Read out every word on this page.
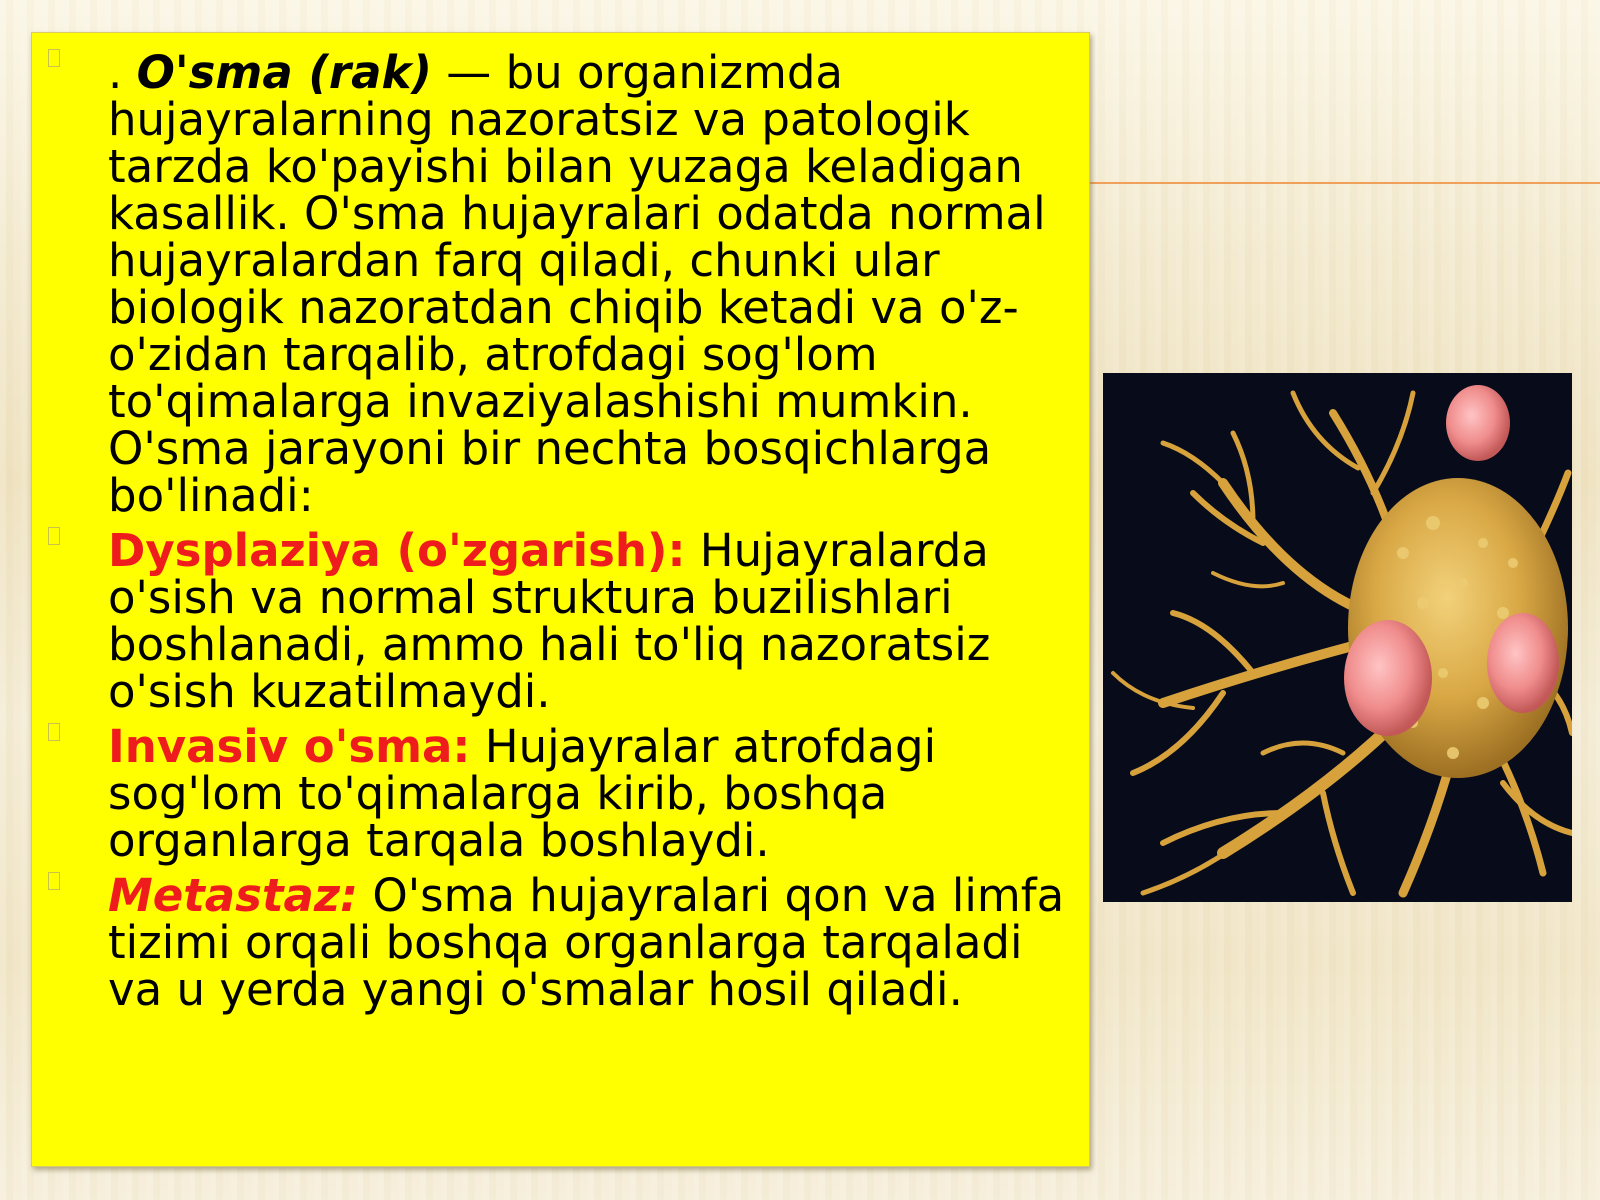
. O'sma (rak) — bu organizmda hujayralarning nazoratsiz va patologik tarzda ko'payishi bilan yuzaga keladigan kasallik. O'sma hujayralari odatda normal hujayralardan farq qiladi, chunki ular biologik nazoratdan chiqib ketadi va o'z-o'zidan tarqalib, atrofdagi sog'lom to'qimalarga invaziyalashishi mumkin. O'sma jarayoni bir nechta bosqichlarga bo'linadi:
Dysplaziya (o'zgarish): Hujayralarda o'sish va normal struktura buzilishlari boshlanadi, ammo hali to'liq nazoratsiz o'sish kuzatilmaydi.
Invasiv o'sma: Hujayralar atrofdagi sog'lom to'qimalarga kirib, boshqa organlarga tarqala boshlaydi.
Metastaz: O'sma hujayralari qon va limfa tizimi orqali boshqa organlarga tarqaladi va u yerda yangi o'smalar hosil qiladi.
